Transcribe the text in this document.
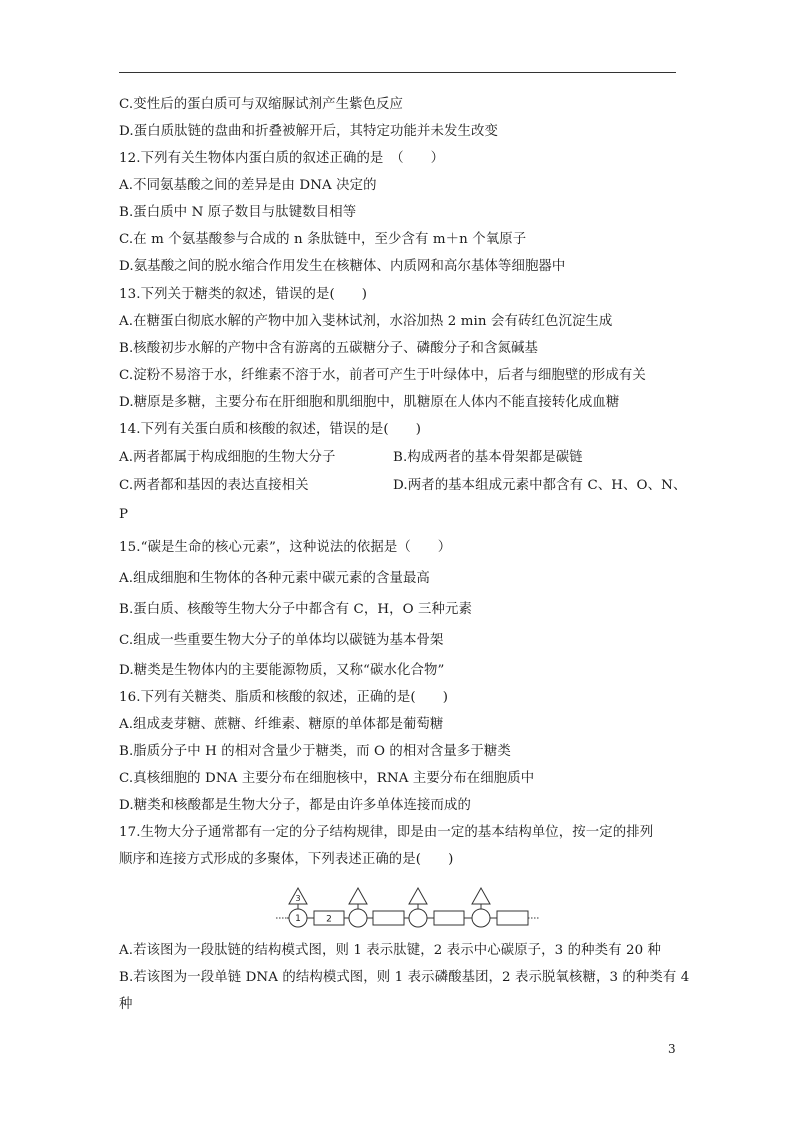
C.变性后的蛋白质可与双缩脲试剂产生紫色反应
D.蛋白质肽链的盘曲和折叠被解开后，其特定功能并未发生改变
12.下列有关生物体内蛋白质的叙述正确的是　（　　）
A.不同氨基酸之间的差异是由 DNA 决定的
B.蛋白质中 N 原子数目与肽键数目相等
C.在 m 个氨基酸参与合成的 n 条肽链中，至少含有 m＋n 个氧原子
D.氨基酸之间的脱水缩合作用发生在核糖体、内质网和高尔基体等细胞器中
13.下列关于糖类的叙述，错误的是(　　)
A.在糖蛋白彻底水解的产物中加入斐林试剂，水浴加热 2 min 会有砖红色沉淀生成
B.核酸初步水解的产物中含有游离的五碳糖分子、磷酸分子和含氮碱基
C.淀粉不易溶于水，纤维素不溶于水，前者可产生于叶绿体中，后者与细胞壁的形成有关
D.糖原是多糖，主要分布在肝细胞和肌细胞中，肌糖原在人体内不能直接转化成血糖
14.下列有关蛋白质和核酸的叙述，错误的是(　　)
A.两者都属于构成细胞的生物大分子	B.构成两者的基本骨架都是碳链
C.两者都和基因的表达直接相关	D.两者的基本组成元素中都含有 C、H、O、N、
P
15.“碳是生命的核心元素”，这种说法的依据是（　　）
A.组成细胞和生物体的各种元素中碳元素的含量最高
B.蛋白质、核酸等生物大分子中都含有 C，H，O 三种元素
C.组成一些重要生物大分子的单体均以碳链为基本骨架
D.糖类是生物体内的主要能源物质，又称“碳水化合物”
16.下列有关糖类、脂质和核酸的叙述，正确的是(　　)
A.组成麦芽糖、蔗糖、纤维素、糖原的单体都是葡萄糖
B.脂质分子中 H 的相对含量少于糖类，而 O 的相对含量多于糖类
C.真核细胞的 DNA 主要分布在细胞核中，RNA 主要分布在细胞质中
D.糖类和核酸都是生物大分子，都是由许多单体连接而成的
17.生物大分子通常都有一定的分子结构规律，即是由一定的基本结构单位，按一定的排列
顺序和连接方式形成的多聚体，下列表述正确的是(　　)
3
1	2
A.若该图为一段肽链的结构模式图，则 1 表示肽键，2 表示中心碳原子，3 的种类有 20 种
B.若该图为一段单链 DNA 的结构模式图，则 1 表示磷酸基团，2 表示脱氧核糖，3 的种类有 4
种
3
